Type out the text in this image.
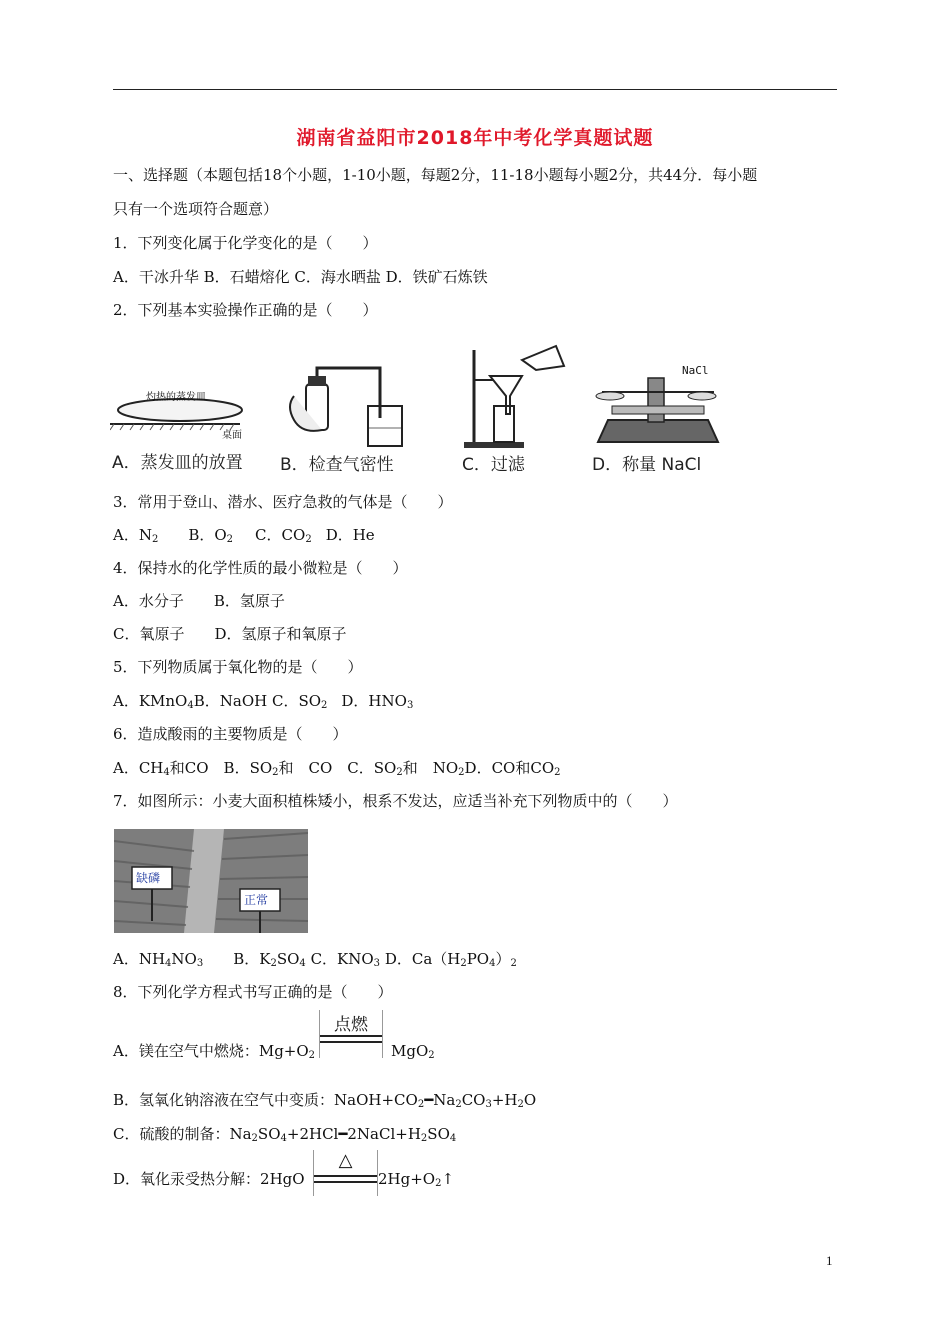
湖南省益阳市2018年中考化学真题试题
一、选择题（本题包括18个小题，1-10小题，每题2分，11-18小题每小题2分，共44分．每小题
只有一个选项符合题意）
1．下列变化属于化学变化的是（　　）
A．干冰升华 B．石蜡熔化 C．海水晒盐 D．铁矿石炼铁
2．下列基本实验操作正确的是（　　）
灼热的蒸发皿
桌面
A．蒸发皿的放置 B．检查气密性	C．过滤
NaCl
D．称量 NaCl
3．常用于登山、潜水、医疗急救的气体是（　　）
A．$N_2$ B．$O_2$ C．$CO_2$ D．He
4．保持水的化学性质的最小微粒是（　　）
A．水分子　　B．氢原子
C．氧原子　　D．氢原子和氧原子
5．下列物质属于氧化物的是（　　）
A．KMnO$_4$B．NaOH C．$SO_2$ D．$HNO_3$
6．造成酸雨的主要物质是（　　）
A．$CH_4$和CO　B．$SO_2$和　CO　C．$SO_2$和　$NO_2D$．CO和$CO_2$
7．如图所示：小麦大面积植株矮小，根系不发达，应适当补充下列物质中的（　　）
缺磷
正常
A．$NH_4NO_3$　　B．$K_2SO_4$ C．$KNO_3$ D．$Ca(H_2PO_4)_2$
8．下列化学方程式书写正确的是（　　）
A．镁在空气中燃烧：$Mg+O_2$
点燃
MgO$_2$
B．氢氧化钠溶液在空气中变质：$NaOH+CO_2━Na_2CO_3+H_2O$
C．硫酸的制备：$Na_2SO_4+2HCl━2NaCl+H_2SO_4$
D．氧化汞受热分解：2HgO
△
$2Hg+O_2↑$
1
